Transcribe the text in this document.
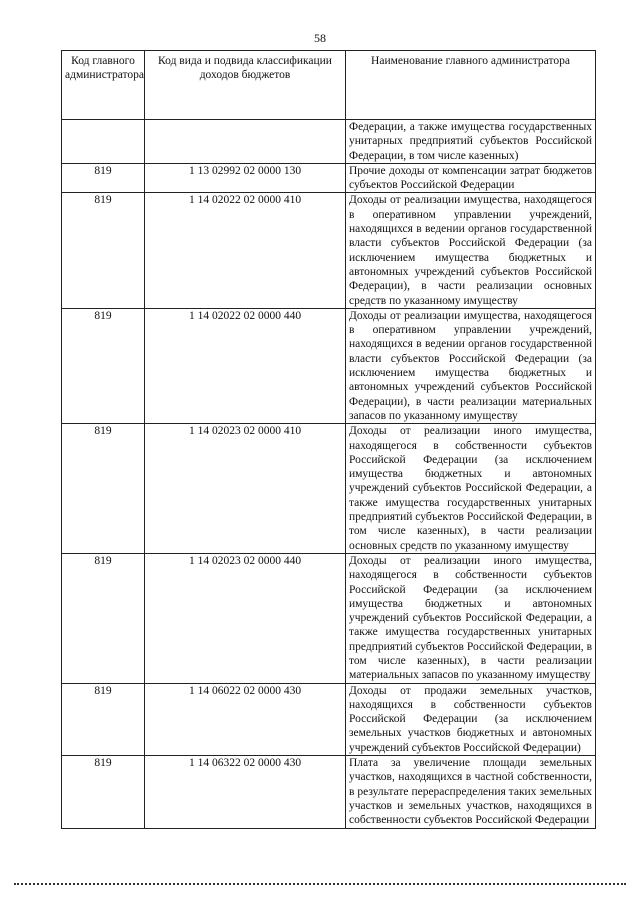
58
Код главного администратора	Код вида и подвида классификации доходов бюджетов	Наименование главного администратора
		Федерации, а также имущества государственных унитарных предприятий субъектов Российской Федерации, в том числе казенных)
819	1 13 02992 02 0000 130	Прочие доходы от компенсации затрат бюджетов субъектов Российской Федерации
819	1 14 02022 02 0000 410	Доходы от реализации имущества, находящегося в оперативном управлении учреждений, находящихся в ведении органов государственной власти субъектов Российской Федерации (за исключением имущества бюджетных и автономных учреждений субъектов Российской Федерации), в части реализации основных средств по указанному имуществу
819	1 14 02022 02 0000 440	Доходы от реализации имущества, находящегося в оперативном управлении учреждений, находящихся в ведении органов государственной власти субъектов Российской Федерации (за исключением имущества бюджетных и автономных учреждений субъектов Российской Федерации), в части реализации материальных запасов по указанному имуществу
819	1 14 02023 02 0000 410	Доходы от реализации иного имущества, находящегося в собственности субъектов Российской Федерации (за исключением имущества бюджетных и автономных учреждений субъектов Российской Федерации, а также имущества государственных унитарных предприятий субъектов Российской Федерации, в том числе казенных), в части реализации основных средств по указанному имуществу
819	1 14 02023 02 0000 440	Доходы от реализации иного имущества, находящегося в собственности субъектов Российской Федерации (за исключением имущества бюджетных и автономных учреждений субъектов Российской Федерации, а также имущества государственных унитарных предприятий субъектов Российской Федерации, в том числе казенных), в части реализации материальных запасов по указанному имуществу
819	1 14 06022 02 0000 430	Доходы от продажи земельных участков, находящихся в собственности субъектов Российской Федерации (за исключением земельных участков бюджетных и автономных учреждений субъектов Российской Федерации)
819	1 14 06322 02 0000 430	Плата за увеличение площади земельных участков, находящихся в частной собственности, в результате перераспределения таких земельных участков и земельных участков, находящихся в собственности субъектов Российской Федерации
